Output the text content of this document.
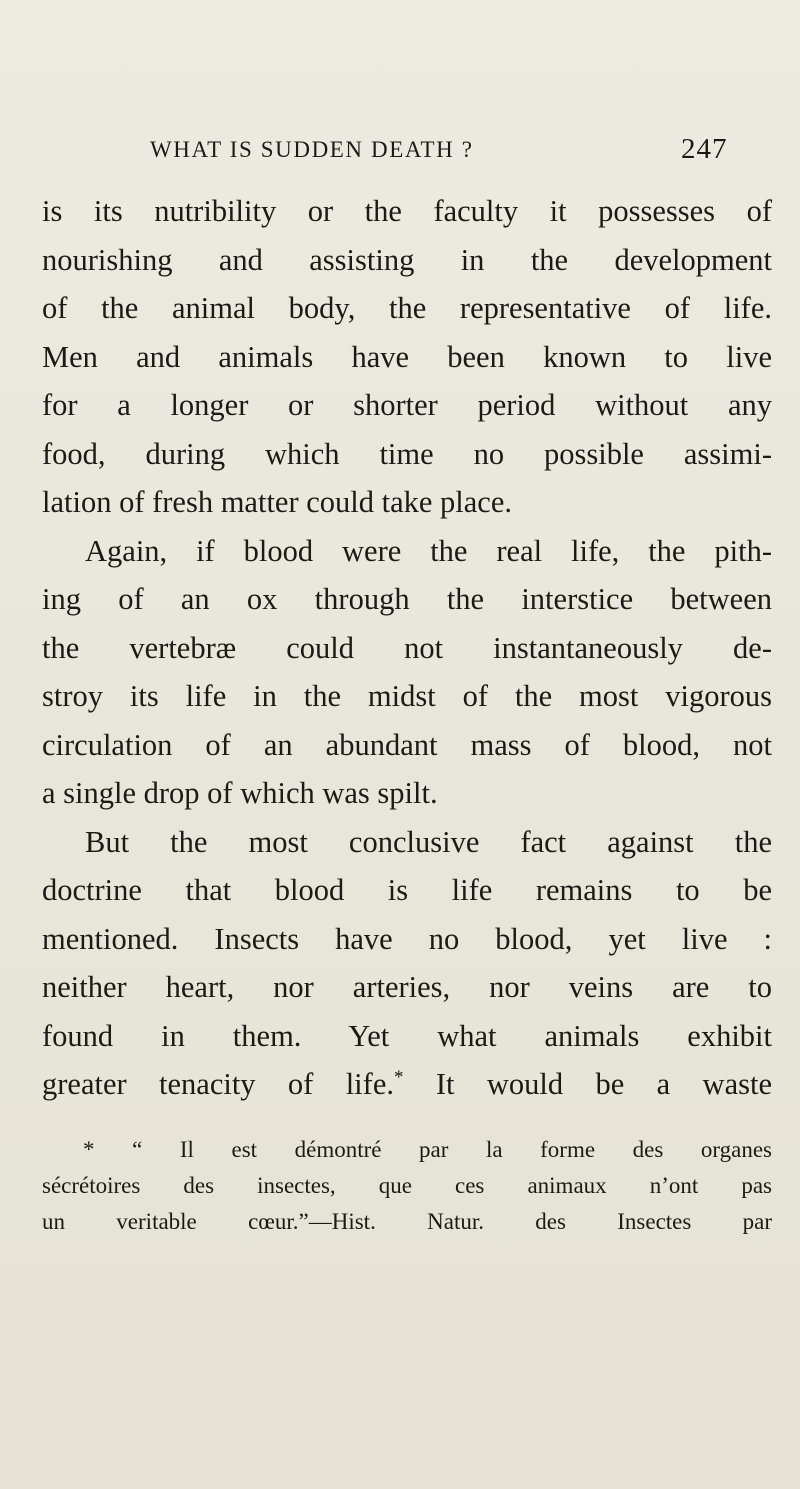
WHAT IS SUDDEN DEATH ?	247
is its nutribility or the faculty it possesses of
nourishing and assisting in the development
of the animal body, the representative of life.
Men and animals have been known to live
for a longer or shorter period without any
food, during which time no possible assimi-
lation of fresh matter could take place.
Again, if blood were the real life, the pith-
ing of an ox through the interstice between
the vertebræ could not instantaneously de-
stroy its life in the midst of the most vigorous
circulation of an abundant mass of blood, not
a single drop of which was spilt.
But the most conclusive fact against the
doctrine that blood is life remains to be
mentioned. Insects have no blood, yet live :
neither heart, nor arteries, nor veins are to
found in them. Yet what animals exhibit
greater tenacity of life.* It would be a waste
* “ Il est démontré par la forme des organes
sécrétoires des insectes, que ces animaux n’ont pas
un veritable cœur.”—Hist. Natur. des Insectes par
